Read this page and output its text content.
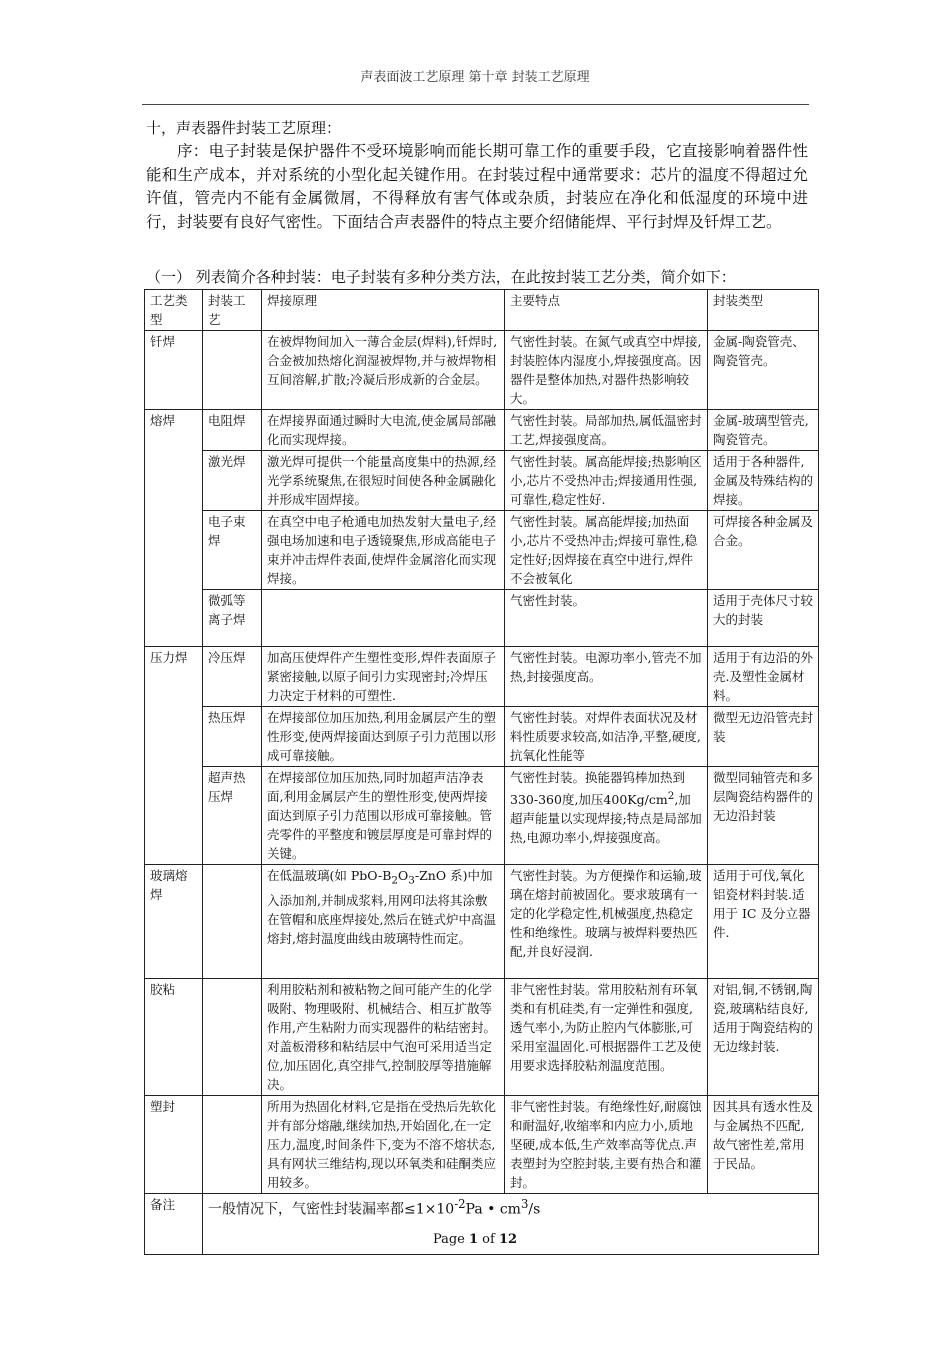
声表面波工艺原理 第十章 封装工艺原理
十，声表器件封装工艺原理：

序：电子封装是保护器件不受环境影响而能长期可靠工作的重要手段，它直接影响着器件性能和生产成本，并对系统的小型化起关键作用。在封装过程中通常要求：芯片的温度不得超过允许值，管壳内不能有金属微屑，不得释放有害气体或杂质，封装应在净化和低湿度的环境中进行，封装要有良好气密性。下面结合声表器件的特点主要介绍储能焊、平行封焊及钎焊工艺。

（一） 列表简介各种封装：电子封装有多种分类方法，在此按封装工艺分类，简介如下：
工艺类型	封装工艺	焊接原理	主要特点	封装类型
钎焊		在被焊物间加入一薄合金层(焊料),钎焊时,合金被加热熔化润湿被焊物,并与被焊物相互间溶解,扩散;冷凝后形成新的合金层。	气密性封装。在氮气或真空中焊接,封装腔体内湿度小,焊接强度高。因器件是整体加热,对器件热影响较大。	金属-陶瓷管壳、陶瓷管壳。
熔焊	电阻焊	在焊接界面通过瞬时大电流,使金属局部融化而实现焊接。	气密性封装。局部加热,属低温密封工艺,焊接强度高。	金属-玻璃型管壳,陶瓷管壳。
	激光焊	激光焊可提供一个能量高度集中的热源,经光学系统聚焦,在很短时间使各种金属融化并形成牢固焊接。	气密性封装。属高能焊接;热影响区小,芯片不受热冲击;焊接通用性强,可靠性,稳定性好.	适用于各种器件,金属及特殊结构的焊接。
	电子束焊	在真空中电子枪通电加热发射大量电子,经强电场加速和电子透镜聚焦,形成高能电子束并冲击焊件表面,使焊件金属溶化而实现焊接。	气密性封装。属高能焊接;加热面小,芯片不受热冲击;焊接可靠性,稳定性好;因焊接在真空中进行,焊件不会被氧化	可焊接各种金属及合金。
	微弧等离子焊		气密性封装。	适用于壳体尺寸较大的封装
压力焊	冷压焊	加高压使焊件产生塑性变形,焊件表面原子紧密接触,以原子间引力实现密封;冷焊压力决定于材料的可塑性.	气密性封装。电源功率小,管壳不加热,封接强度高。	适用于有边沿的外壳.及塑性金属材料。
	热压焊	在焊接部位加压加热,利用金属层产生的塑性形变,使两焊接面达到原子引力范围以形成可靠接触。	气密性封装。对焊件表面状况及材料性质要求较高,如洁净,平整,硬度,抗氧化性能等	微型无边沿管壳封装
	超声热压焊	在焊接部位加压加热,同时加超声洁净表面,利用金属层产生的塑性形变,使两焊接面达到原子引力范围以形成可靠接触。管壳零件的平整度和镀层厚度是可靠封焊的关键。	气密性封装。换能器钨棒加热到330-360度,加压$400Kg/cm^2$,加超声能量以实现焊接;特点是局部加热,电源功率小,焊接强度高。	微型同轴管壳和多层陶瓷结构器件的无边沿封装
玻璃熔焊		在低温玻璃(如 PbO-$B_2O_3$-ZnO 系)中加入添加剂,并制成浆料,用网印法将其涂敷在管帽和底座焊接处,然后在链式炉中高温熔封,熔封温度曲线由玻璃特性而定。	气密性封装。为方便操作和运输,玻璃在熔封前被固化。要求玻璃有一定的化学稳定性,机械强度,热稳定性和绝缘性。玻璃与被焊料要热匹配,并良好浸润.	适用于可伐,氧化铝瓷材料封装.适用于 IC 及分立器件.
胶粘		利用胶粘剂和被粘物之间可能产生的化学吸附、物理吸附、机械结合、相互扩散等作用,产生粘附力而实现器件的粘结密封。对盖板滑移和粘结层中气泡可采用适当定位,加压固化,真空排气,控制胶厚等措施解决。	非气密性封装。常用胶粘剂有环氧类和有机硅类,有一定弹性和强度,透气率小,为防止腔内气体膨胀,可采用室温固化.可根据器件工艺及使用要求选择胶粘剂温度范围。	对铝,铜,不锈钢,陶瓷,玻璃粘结良好,适用于陶瓷结构的无边缘封装.
塑封		所用为热固化材料,它是指在受热后先软化并有部分熔融,继续加热,开始固化,在一定压力,温度,时间条件下,变为不溶不熔状态,具有网状三维结构,现以环氧类和硅酮类应用较多。	非气密性封装。有绝缘性好,耐腐蚀和耐温好,收缩率和内应力小,质地坚硬,成本低,生产效率高等优点.声表塑封为空腔封装,主要有热合和灌封。	因其具有透水性及与金属热不匹配,故气密性差,常用于民品。
备注	一般情况下，气密性封装漏率都$\le 1\times 10^{-2}Pa$ • $cm^3/s$			
Page 1 of 12
